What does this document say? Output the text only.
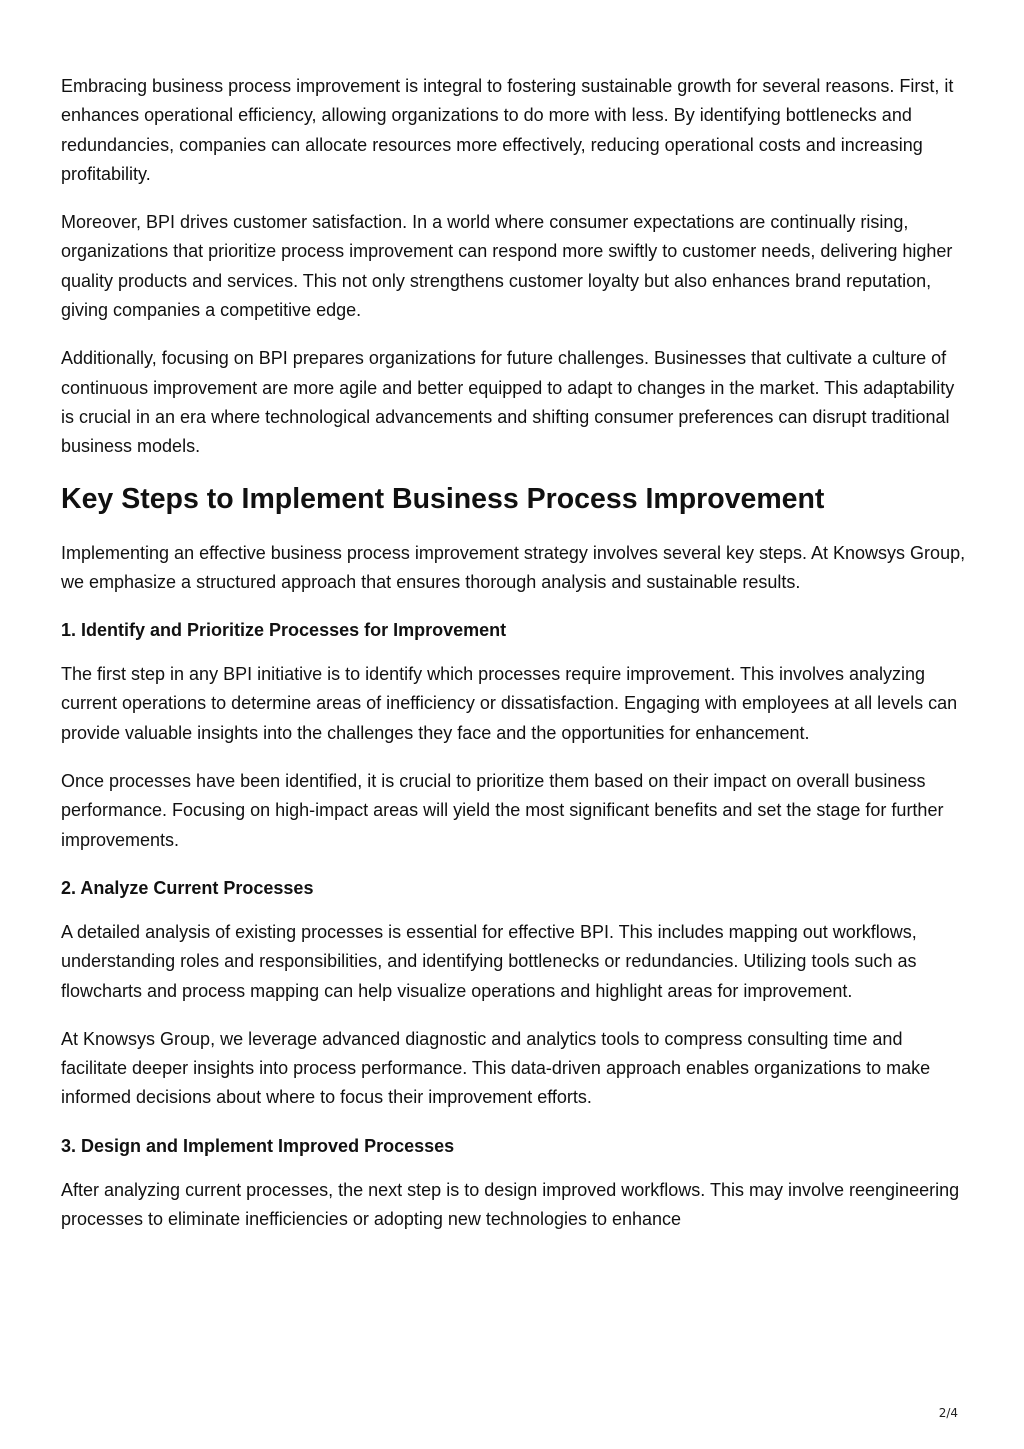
Embracing business process improvement is integral to fostering sustainable growth for several reasons. First, it enhances operational efficiency, allowing organizations to do more with less. By identifying bottlenecks and redundancies, companies can allocate resources more effectively, reducing operational costs and increasing profitability.

Moreover, BPI drives customer satisfaction. In a world where consumer expectations are continually rising, organizations that prioritize process improvement can respond more swiftly to customer needs, delivering higher quality products and services. This not only strengthens customer loyalty but also enhances brand reputation, giving companies a competitive edge.

Additionally, focusing on BPI prepares organizations for future challenges. Businesses that cultivate a culture of continuous improvement are more agile and better equipped to adapt to changes in the market. This adaptability is crucial in an era where technological advancements and shifting consumer preferences can disrupt traditional business models.

Key Steps to Implement Business Process Improvement

Implementing an effective business process improvement strategy involves several key steps. At Knowsys Group, we emphasize a structured approach that ensures thorough analysis and sustainable results.

1. Identify and Prioritize Processes for Improvement

The first step in any BPI initiative is to identify which processes require improvement. This involves analyzing current operations to determine areas of inefficiency or dissatisfaction. Engaging with employees at all levels can provide valuable insights into the challenges they face and the opportunities for enhancement.

Once processes have been identified, it is crucial to prioritize them based on their impact on overall business performance. Focusing on high-impact areas will yield the most significant benefits and set the stage for further improvements.

2. Analyze Current Processes

A detailed analysis of existing processes is essential for effective BPI. This includes mapping out workflows, understanding roles and responsibilities, and identifying bottlenecks or redundancies. Utilizing tools such as flowcharts and process mapping can help visualize operations and highlight areas for improvement.

At Knowsys Group, we leverage advanced diagnostic and analytics tools to compress consulting time and facilitate deeper insights into process performance. This data-driven approach enables organizations to make informed decisions about where to focus their improvement efforts.

3. Design and Implement Improved Processes

After analyzing current processes, the next step is to design improved workflows. This may involve reengineering processes to eliminate inefficiencies or adopting new technologies to enhance

2/4
